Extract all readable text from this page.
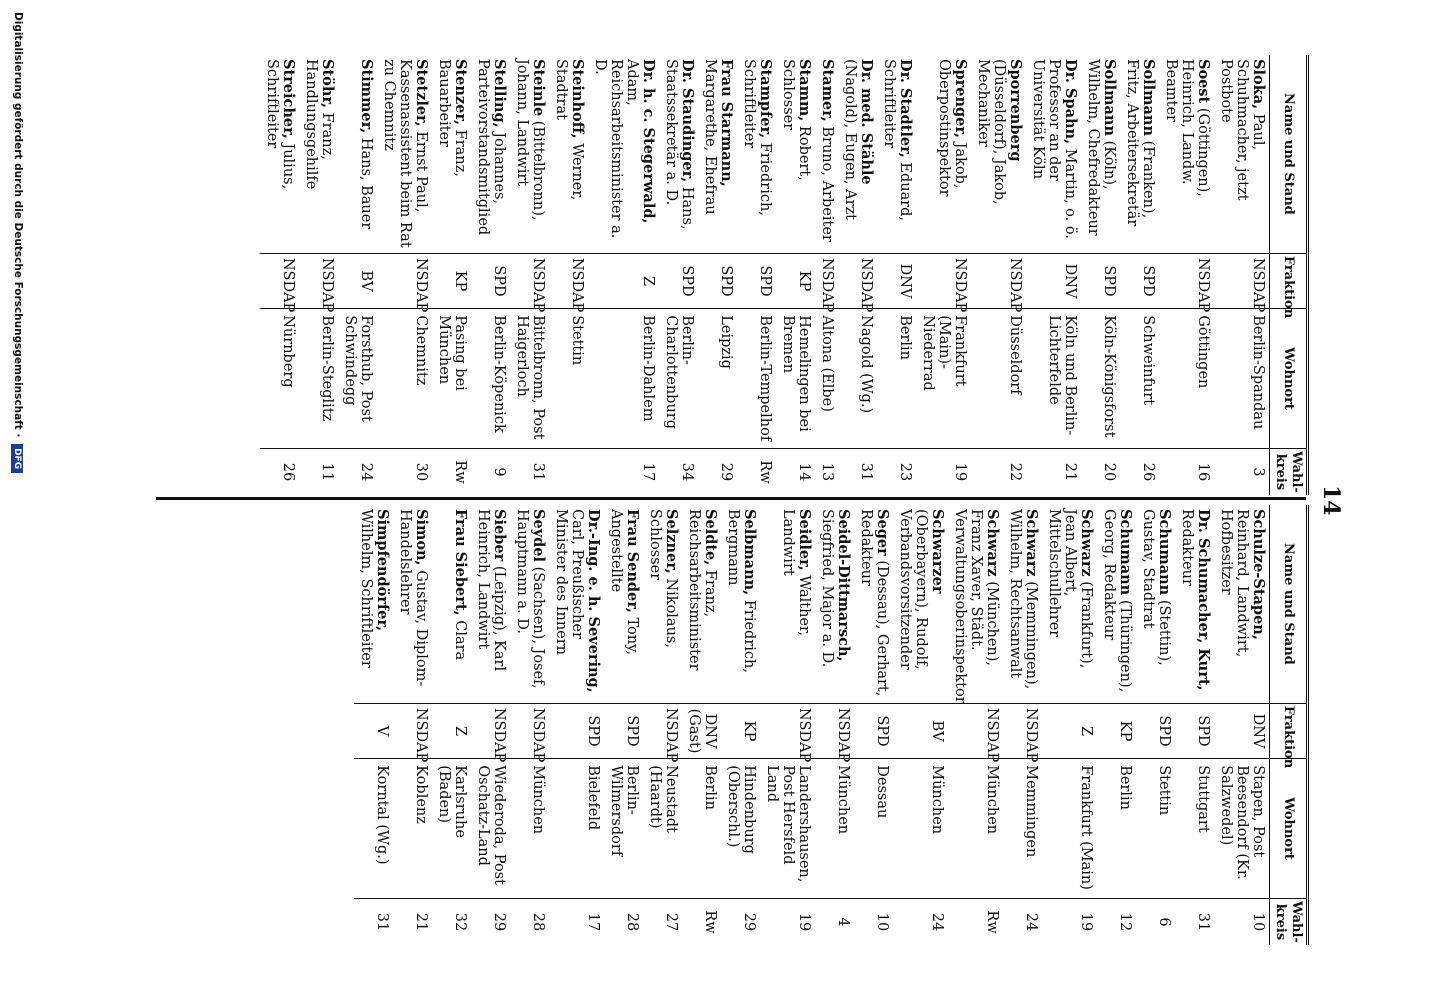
14
Name und Stand	Fraktion	Wohnort	Wahl-kreis
Schulze-Stapen, Reinhard, Landwirt, Hofbesitzer	DNV	Stapen, Post Beesendorf (Kr. Salzwedel)	10
Dr. Schumacher, Kurt, Redakteur	SPD	Stuttgart	31
Schumann (Stettin), Gustav, Stadtrat	SPD	Stettin	6
Schumann (Thüringen), Georg, Redakteur	KP	Berlin	12
Schwarz (Frankfurt), Jean Albert, Mittelschullehrer	Z	Frankfurt (Main)	19
Schwarz (Memmingen), Wilhelm, Rechtsanwalt	NSDAP	Memmingen	24
Schwarz (München), Franz Xaver, Städt. Verwaltungsoberinspektor	NSDAP	München	Rw
Schwarzer (Oberbayern), Rudolf, Verbandsvorsitzender	BV	München	24
Seger (Dessau), Gerhart, Redakteur	SPD	Dessau	10
Seidel-Dittmarsch, Siegfried, Major a. D.	NSDAP	München	4
Seidler, Walther, Landwirt	NSDAP	Landershausen, Post Hersfeld Land	19
Selbmann, Friedrich, Bergmann	KP	Hindenburg (Oberschl.)	29
Seldte, Franz, Reichsarbeitsminister	DNV (Gast)	Berlin	Rw
Selzner, Nikolaus, Schlosser	NSDAP	Neustadt (Haardt)	27
Frau Sender, Tony, Angestellte	SPD	Berlin-Wilmersdorf	28
Dr.-Ing. e. h. Severing, Carl, Preußischer Minister des Innern	SPD	Bielefeld	17
Seydel (Sachsen), Josef, Hauptmann a. D.	NSDAP	München	28
Sieber (Leipzig), Karl Heinrich, Landwirt	NSDAP	Wiederoda, Post Oschatz-Land	29
Frau Siebert, Clara	Z	Karlsruhe (Baden)	32
Simon, Gustav, Diplom-Handelslehrer	NSDAP	Koblenz	21
Simpfendörfer, Wilhelm, Schriftleiter	V	Korntal (Wg.)	31
Name und Stand	Fraktion	Wohnort	Wahl-kreis
Sloka, Paul, Schuhmacher, jetzt Postbote	NSDAP	Berlin-Spandau	3
Soest (Göttingen), Heinrich, Landw. Beamter	NSDAP	Göttingen	16
Sollmann (Franken), Fritz, Arbeitersekretär	SPD	Schweinfurt	26
Sollmann (Köln), Wilhelm, Chefredakteur	SPD	Köln-Königsforst	20
Dr. Spahn, Martin, o. ö. Professor an der Universität Köln	DNV	Köln und Berlin-Lichterfelde	21
Sporrenberg (Düsseldorf), Jakob, Mechaniker	NSDAP	Düsseldorf	22
Sprenger, Jakob, Oberpostinspektor	NSDAP	Frankfurt (Main)-Niederrad	19
Dr. Stadtler, Eduard, Schriftleiter	DNV	Berlin	23
Dr. med. Stähle (Nagold), Eugen, Arzt	NSDAP	Nagold (Wg.)	31
Stamer, Bruno, Arbeiter	NSDAP	Altona (Elbe)	13
Stamm, Robert, Schlosser	KP	Hemelingen bei Bremen	14
Stampfer, Friedrich, Schriftleiter	SPD	Berlin-Tempelhof	Rw
Frau Starmann, Margarethe, Ehefrau	SPD	Leipzig	29
Dr. Staudinger, Hans, Staatssekretär a. D.	SPD	Berlin-Charlottenburg	34
Dr. h. c. Stegerwald, Adam, Reichsarbeitsminister a. D.	Z	Berlin-Dahlem	17
Steinhoff, Werner, Stadtrat	NSDAP	Stettin	
Steinle (Bittelbronn), Johann, Landwirt	NSDAP	Bittelbronn, Post Haigerloch	31
Stelling, Johannes, Parteivorstandsmitglied	SPD	Berlin-Köpenick	9
Stenzer, Franz, Bauarbeiter	KP	Pasing bei München	Rw
Stetzler, Ernst Paul, Kassenassistent beim Rat zu Chemnitz	NSDAP	Chemnitz	30
Stimmer, Hans, Bauer	BV	Forsthub, Post Schwindegg	24
Stöhr, Franz, Handlungsgehilfe	NSDAP	Berlin-Steglitz	11
Streicher, Julius, Schriftleiter	NSDAP	Nürnberg	26
Digitalisierung gefördert durch die Deutsche Forschungsgemeinschaft · DFG
